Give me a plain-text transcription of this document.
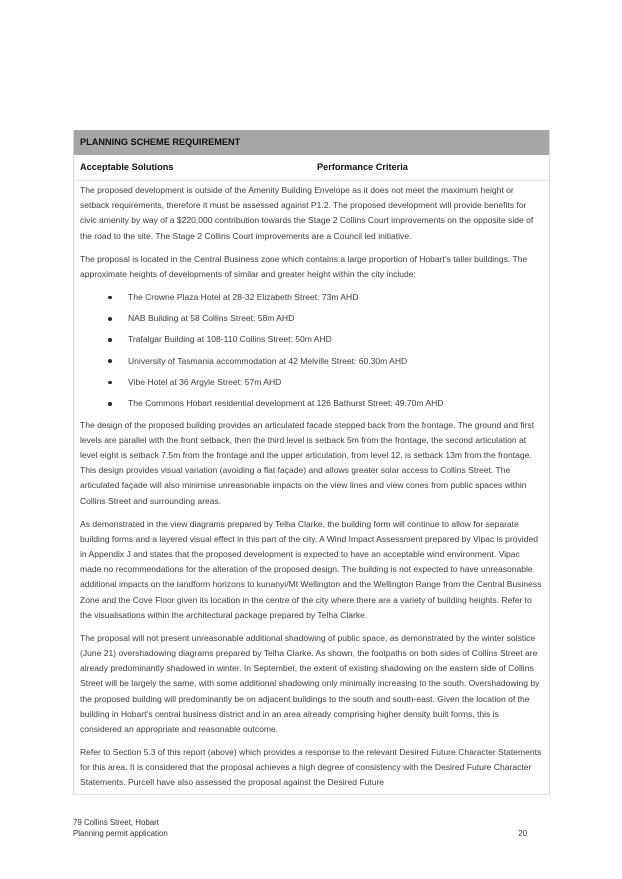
PLANNING SCHEME REQUIREMENT
Acceptable Solutions	Performance Criteria

The proposed development is outside of the Amenity Building Envelope as it does not meet the maximum height or setback requirements, therefore it must be assessed against P1.2. The proposed development will provide benefits for civic amenity by way of a $220,000 contribution towards the Stage 2 Collins Court improvements on the opposite side of the road to the site. The Stage 2 Collins Court improvements are a Council led initiative.

The proposal is located in the Central Business zone which contains a large proportion of Hobart’s taller buildings. The approximate heights of developments of similar and greater height within the city include:

The Crowne Plaza Hotel at 28-32 Elizabeth Street: 73m AHD
NAB Building at 58 Collins Street: 58m AHD
Trafalgar Building at 108-110 Collins Street: 50m AHD
University of Tasmania accommodation at 42 Melville Street: 60.30m AHD
Vibe Hotel at 36 Argyle Street: 57m AHD
The Commons Hobart residential development at 126 Bathurst Street: 49.70m AHD

The design of the proposed building provides an articulated facade stepped back from the frontage. The ground and first levels are parallel with the front setback, then the third level is setback 5m from the frontage, the second articulation at level eight is setback 7.5m from the frontage and the upper articulation, from level 12, is setback 13m from the frontage. This design provides visual variation (avoiding a flat façade) and allows greater solar access to Collins Street. The articulated façade will also minimise unreasonable impacts on the view lines and view cones from public spaces within Collins Street and surrounding areas.

As demonstrated in the view diagrams prepared by Telha Clarke, the building form will continue to allow for separate building forms and a layered visual effect in this part of the city. A Wind Impact Assessment prepared by Vipac is provided in Appendix J and states that the proposed development is expected to have an acceptable wind environment. Vipac made no recommendations for the alteration of the proposed design. The building is not expected to have unreasonable additional impacts on the landform horizons to kunanyi/Mt Wellington and the Wellington Range from the Central Business Zone and the Cove Floor given its location in the centre of the city where there are a variety of building heights. Refer to the visualisations within the architectural package prepared by Telha Clarke.

The proposal will not present unreasonable additional shadowing of public space, as demonstrated by the winter solstice (June 21) overshadowing diagrams prepared by Telha Clarke. As shown, the footpaths on both sides of Collins Street are already predominantly shadowed in winter. In September, the extent of existing shadowing on the eastern side of Collins Street will be largely the same, with some additional shadowing only minimally increasing to the south. Overshadowing by the proposed building will predominantly be on adjacent buildings to the south and south-east. Given the location of the building in Hobart’s central business district and in an area already comprising higher density built forms, this is considered an appropriate and reasonable outcome.

Refer to Section 5.3 of this report (above) which provides a response to the relevant Desired Future Character Statements for this area. It is considered that the proposal achieves a high degree of consistency with the Desired Future Character Statements. Purcell have also assessed the proposal against the Desired Future

79 Collins Street, Hobart
Planning permit application	20
